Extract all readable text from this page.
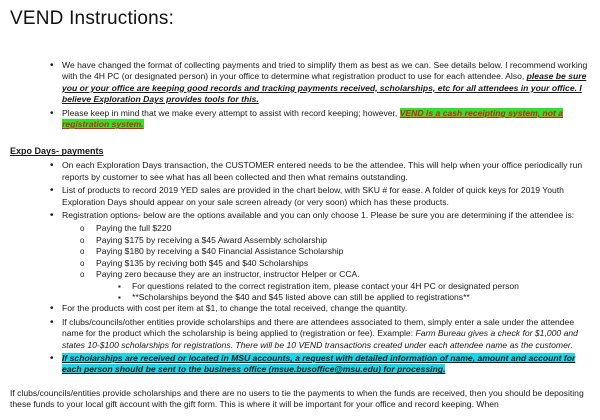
VEND Instructions:
• We have changed the format of collecting payments and tried to simplify them as best as we can. See details below. I recommend working with the 4H PC (or designated person) in your office to determine what registration product to use for each attendee. Also, please be sure you or your office are keeping good records and tracking payments received, scholarships, etc for all attendees in your office. I believe Exploration Days provides tools for this.
• Please keep in mind that we make every attempt to assist with record keeping; however, VEND is a cash receipting system, not a registration system.
Expo Days- payments
• On each Exploration Days transaction, the CUSTOMER entered needs to be the attendee. This will help when your office periodically run reports by customer to see what has all been collected and then what remains outstanding.
• List of products to record 2019 YED sales are provided in the chart below, with SKU # for ease. A folder of quick keys for 2019 Youth Exploration Days should appear on your sale screen already (or very soon) which has these products.
• Registration options- below are the options available and you can only choose 1. Please be sure you are determining if the attendee is:
o Paying the full $220
o Paying $175 by receiving a $45 Award Assembly scholarship
o Paying $180 by receiving a $40 Financial Assistance Scholarship
o Paying $135 by reciving both $45 and $40 Scholarships
o Paying zero because they are an instructor, instructor Helper or CCA.
▪ For questions related to the correct registration item, please contact your 4H PC or designated person
▪ **Scholarships beyond the $40 and $45 listed above can still be applied to registrations**
• For the products with cost per item at $1, to change the total received, change the quantity.
• If clubs/councils/other entities provide scholarships and there are attendees associated to them, simply enter a sale under the attendee name for the product which the scholarship is being applied to (registration or fee). Example: Farm Bureau gives a check for $1,000 and states 10-$100 scholarships for registrations. There will be 10 VEND transactions created under each attendee name as the customer.
• If scholarships are received or located in MSU accounts, a request with detailed information of name, amount and account for each person should be sent to the business office (msue.busoffice@msu.edu) for processing.

If clubs/councils/entities provide scholarships and there are no users to tie the payments to when the funds are received, then you should be depositing these funds to your local gift account with the gift form. This is where it will be important for your office and record keeping. When
